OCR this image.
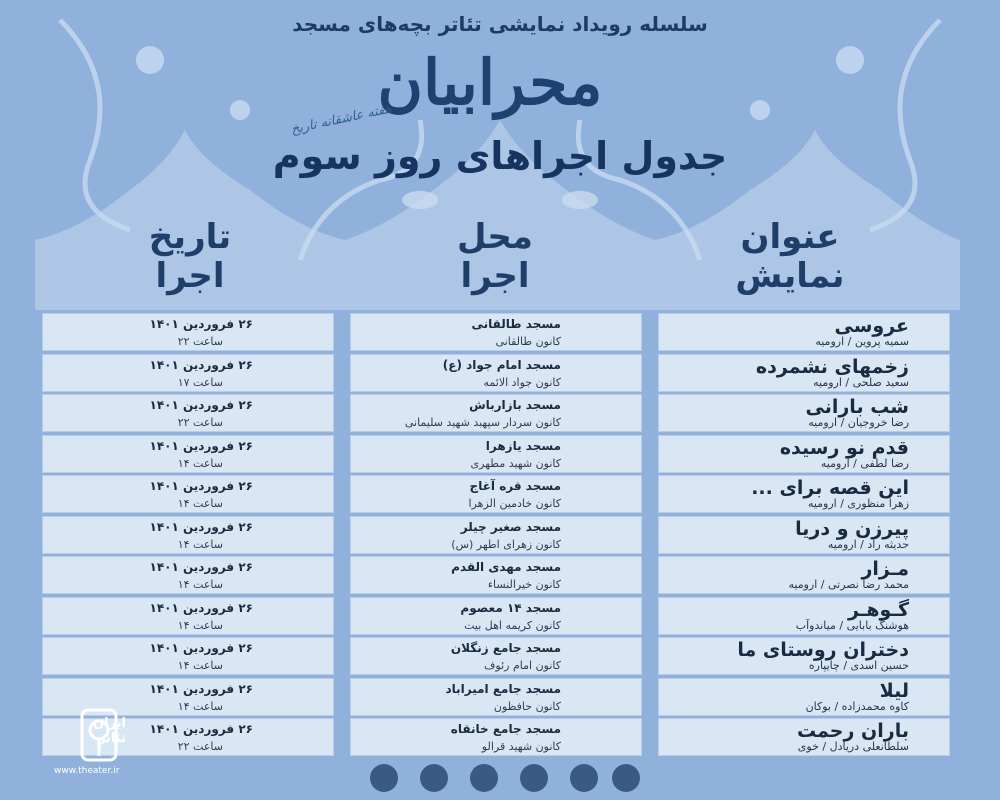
سلسله رویداد نمایشی تئاتر بچه‌های مسجد
محرابیان
هفته عاشقانه تاریخ
جدول اجراهای روز سوم
عنوان
نمایش
محل
اجرا
تاریخ
اجرا
عروسی
سمیه پروین / ارومیه
مسجد طالقانی
کانون طالقانی
۲۶ فروردین ۱۴۰۱
ساعت ۲۲
زخمهای نشمرده
سعید صلحی / ارومیه
مسجد امام جواد (ع)
کانون جواد الائمه
۲۶ فروردین ۱۴۰۱
ساعت ۱۷
شب بارانی
رضا خروجیان / ارومیه
مسجد بازارباش
کانون سردار سپهبد شهید سلیمانی
۲۶ فروردین ۱۴۰۱
ساعت ۲۲
قدم نو رسیده
رضا لطفی / ارومیه
مسجد یازهرا
کانون شهید مطهری
۲۶ فروردین ۱۴۰۱
ساعت ۱۴
این قصه برای ...
زهرا منظوری / ارومیه
مسجد قره آغاج
کانون خادمین الزهرا
۲۶ فروردین ۱۴۰۱
ساعت ۱۴
پیرزن و دریا
حدیثه راد / ارومیه
مسجد صغیر چیلر
کانون زهرای اطهر (س)
۲۶ فروردین ۱۴۰۱
ساعت ۱۴
مـزار
محمد رضا نصرتی / ارومیه
مسجد مهدی القدم
کانون خیرالنساء
۲۶ فروردین ۱۴۰۱
ساعت ۱۴
گـوهـر
هوشنگ بابایی / میاندوآب
مسجد ۱۴ معصوم
کانون کریمه اهل بیت
۲۶ فروردین ۱۴۰۱
ساعت ۱۴
دختران روستای ما
حسین اسدی / چایپاره
مسجد جامع زنگلان
کانون امام رئوف
۲۶ فروردین ۱۴۰۱
ساعت ۱۴
لیلا
کاوه محمدزاده / بوکان
مسجد جامع امیراباد
کانون حافظون
۲۶ فروردین ۱۴۰۱
ساعت ۱۴
باران رحمت
سلطانعلی دریادل / خوی
مسجد جامع خانقاه
کانون شهید قرالو
۲۶ فروردین ۱۴۰۱
ساعت ۲۲
ایران تئاتر
www.theater.ir
